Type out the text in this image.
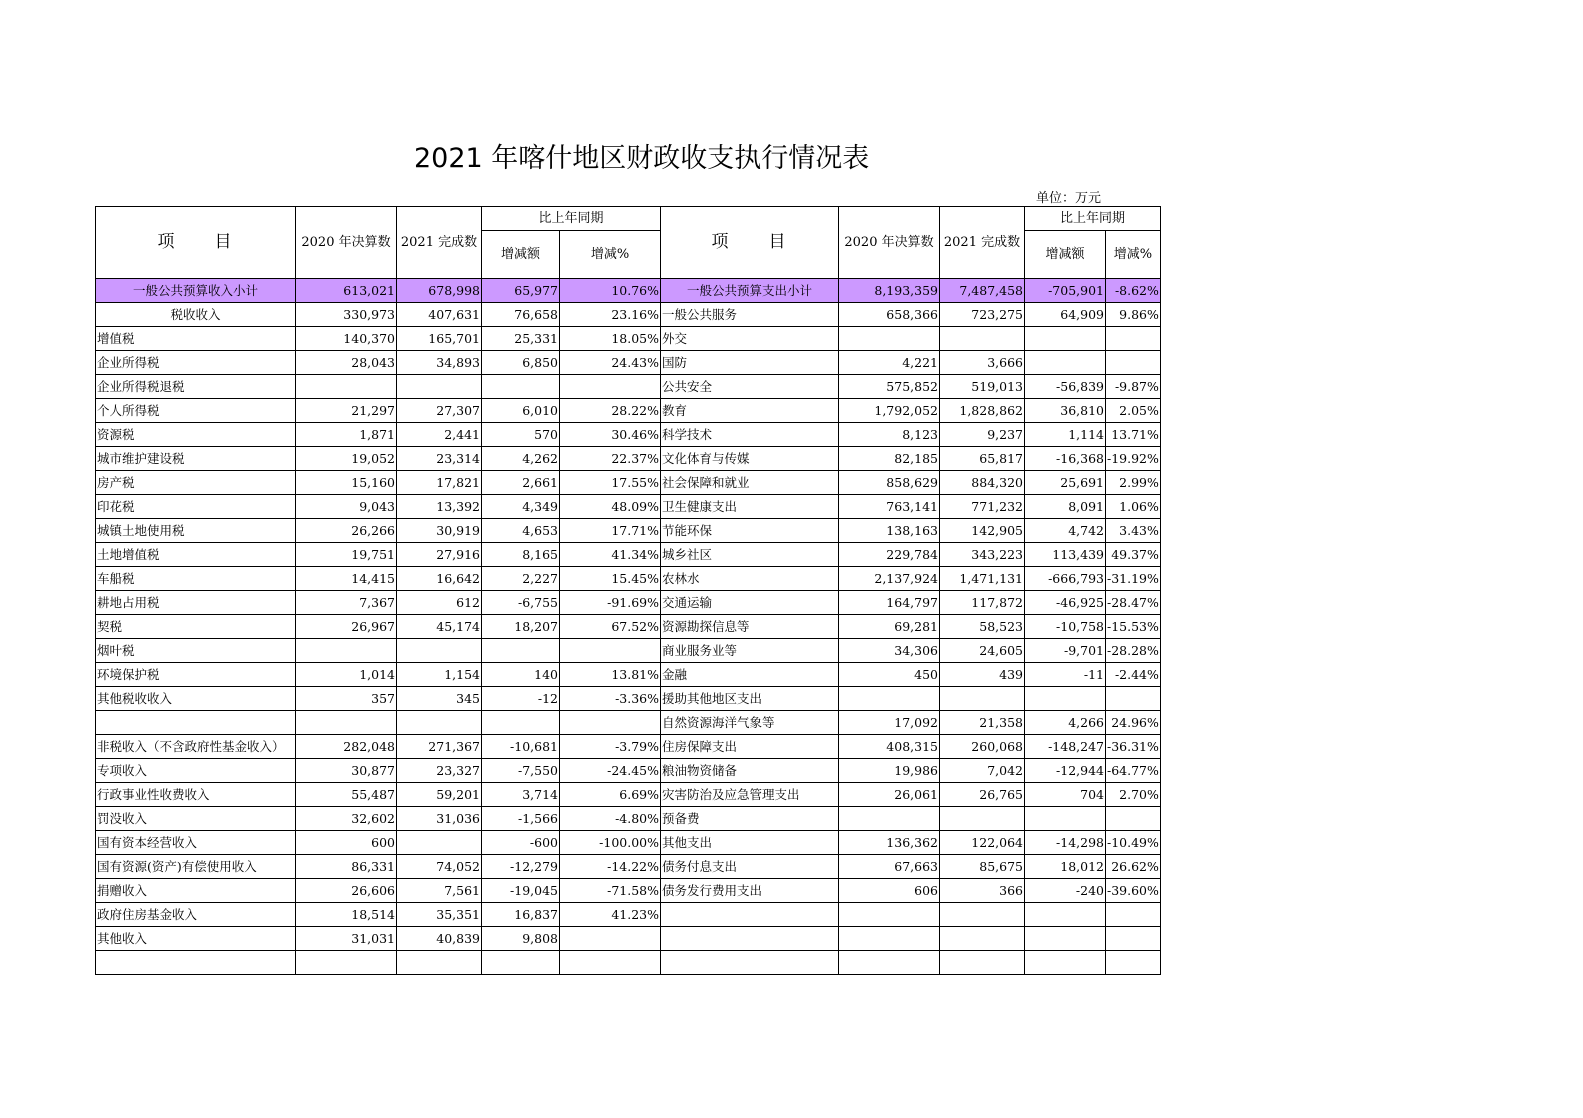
2021 年喀什地区财政收支执行情况表
单位：万元
项　　目	2020 年决算数	2021 完成数	比上年同期		项　　目	2020 年决算数	2021 完成数	比上年同期	
			增减额	增减%				增减额	增减%
一般公共预算收入小计	613,021	678,998	65,977	10.76%	一般公共预算支出小计	8,193,359	7,487,458	-705,901	-8.62%
税收收入	330,973	407,631	76,658	23.16%	一般公共服务	658,366	723,275	64,909	9.86%
增值税	140,370	165,701	25,331	18.05%	外交				
企业所得税	28,043	34,893	6,850	24.43%	国防	4,221	3,666		
企业所得税退税					公共安全	575,852	519,013	-56,839	-9.87%
个人所得税	21,297	27,307	6,010	28.22%	教育	1,792,052	1,828,862	36,810	2.05%
资源税	1,871	2,441	570	30.46%	科学技术	8,123	9,237	1,114	13.71%
城市维护建设税	19,052	23,314	4,262	22.37%	文化体育与传媒	82,185	65,817	-16,368	-19.92%
房产税	15,160	17,821	2,661	17.55%	社会保障和就业	858,629	884,320	25,691	2.99%
印花税	9,043	13,392	4,349	48.09%	卫生健康支出	763,141	771,232	8,091	1.06%
城镇土地使用税	26,266	30,919	4,653	17.71%	节能环保	138,163	142,905	4,742	3.43%
土地增值税	19,751	27,916	8,165	41.34%	城乡社区	229,784	343,223	113,439	49.37%
车船税	14,415	16,642	2,227	15.45%	农林水	2,137,924	1,471,131	-666,793	-31.19%
耕地占用税	7,367	612	-6,755	-91.69%	交通运输	164,797	117,872	-46,925	-28.47%
契税	26,967	45,174	18,207	67.52%	资源勘探信息等	69,281	58,523	-10,758	-15.53%
烟叶税					商业服务业等	34,306	24,605	-9,701	-28.28%
环境保护税	1,014	1,154	140	13.81%	金融	450	439	-11	-2.44%
其他税收收入	357	345	-12	-3.36%	援助其他地区支出				
					自然资源海洋气象等	17,092	21,358	4,266	24.96%
非税收入（不含政府性基金收入）	282,048	271,367	-10,681	-3.79%	住房保障支出	408,315	260,068	-148,247	-36.31%
专项收入	30,877	23,327	-7,550	-24.45%	粮油物资储备	19,986	7,042	-12,944	-64.77%
行政事业性收费收入	55,487	59,201	3,714	6.69%	灾害防治及应急管理支出	26,061	26,765	704	2.70%
罚没收入	32,602	31,036	-1,566	-4.80%	预备费				
国有资本经营收入	600		-600	-100.00%	其他支出	136,362	122,064	-14,298	-10.49%
国有资源(资产)有偿使用收入	86,331	74,052	-12,279	-14.22%	债务付息支出	67,663	85,675	18,012	26.62%
捐赠收入	26,606	7,561	-19,045	-71.58%	债务发行费用支出	606	366	-240	-39.60%
政府住房基金收入	18,514	35,351	16,837	41.23%					
其他收入	31,031	40,839	9,808						
